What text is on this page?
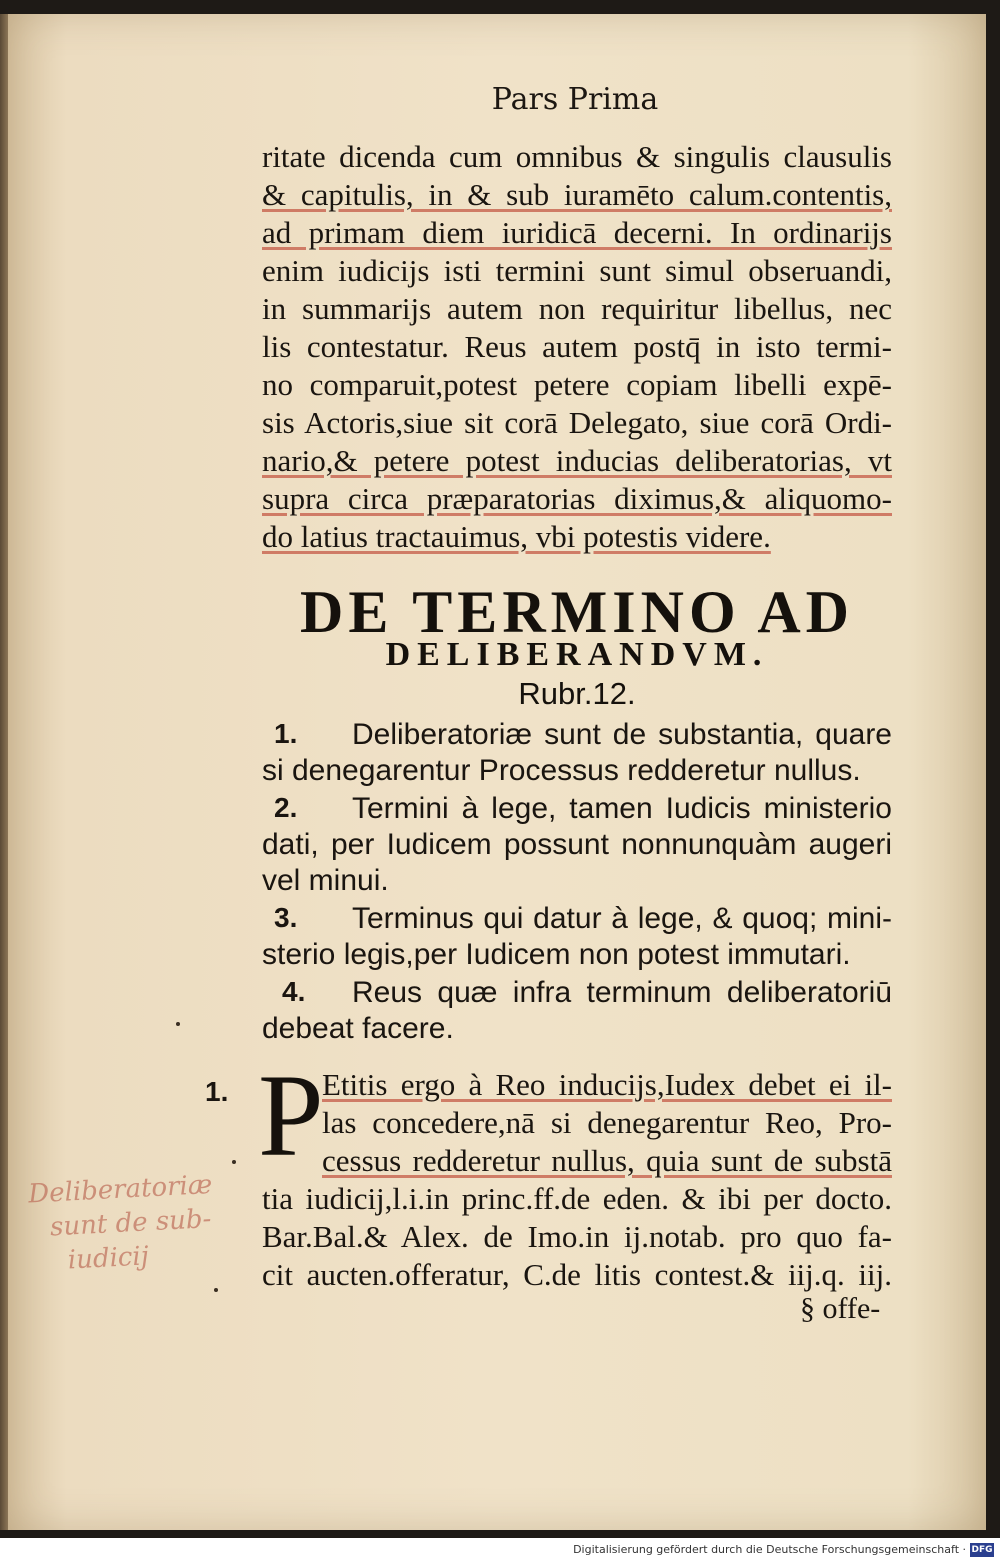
Pars Prima
ritate dicenda cum omnibus & singulis clausulis
& capitulis, in & sub iuramēto calum.contentis,
ad primam diem iuridicā decerni. In ordinarijs
enim iudicijs isti termini sunt simul obseruandi,
in summarijs autem non requiritur libellus, nec
lis contestatur. Reus autem postq̄ in isto termi-
no comparuit,potest petere copiam libelli expē-
sis Actoris,siue sit corā Delegato, siue corā Ordi-
nario,& petere potest inducias deliberatorias, vt
supra circa præparatorias diximus,& aliquomo-
do latius tractauimus, vbi potestis videre.
DE TERMINO AD
DELIBERANDVM.
Rubr.12.
1. Deliberatoriæ sunt de substantia, quare
si denegarentur Processus redderetur nullus.
2. Termini à lege, tamen Iudicis ministerio
dati, per Iudicem possunt nonnunquàm augeri
vel minui.
3. Terminus qui datur à lege, & quoq; mini-
sterio legis,per Iudicem non potest immutari.
4. Reus quæ infra terminum deliberatoriū
debeat facere.
1. P
Etitis ergo à Reo inducijs,Iudex debet ei il-
las concedere,nā si denegarentur Reo, Pro-
cessus redderetur nullus, quia sunt de substā
tia iudicij,l.i.in princ.ff.de eden. & ibi per docto.
Bar.Bal.& Alex. de Imo.in ij.notab. pro quo fa-
cit aucten.offeratur, C.de litis contest.& iij.q. iij.
§ offe-
Deliberatoriæ
sunt de sub-
iudicij
Digitalisierung gefördert durch die Deutsche Forschungsgemeinschaft · DFG
